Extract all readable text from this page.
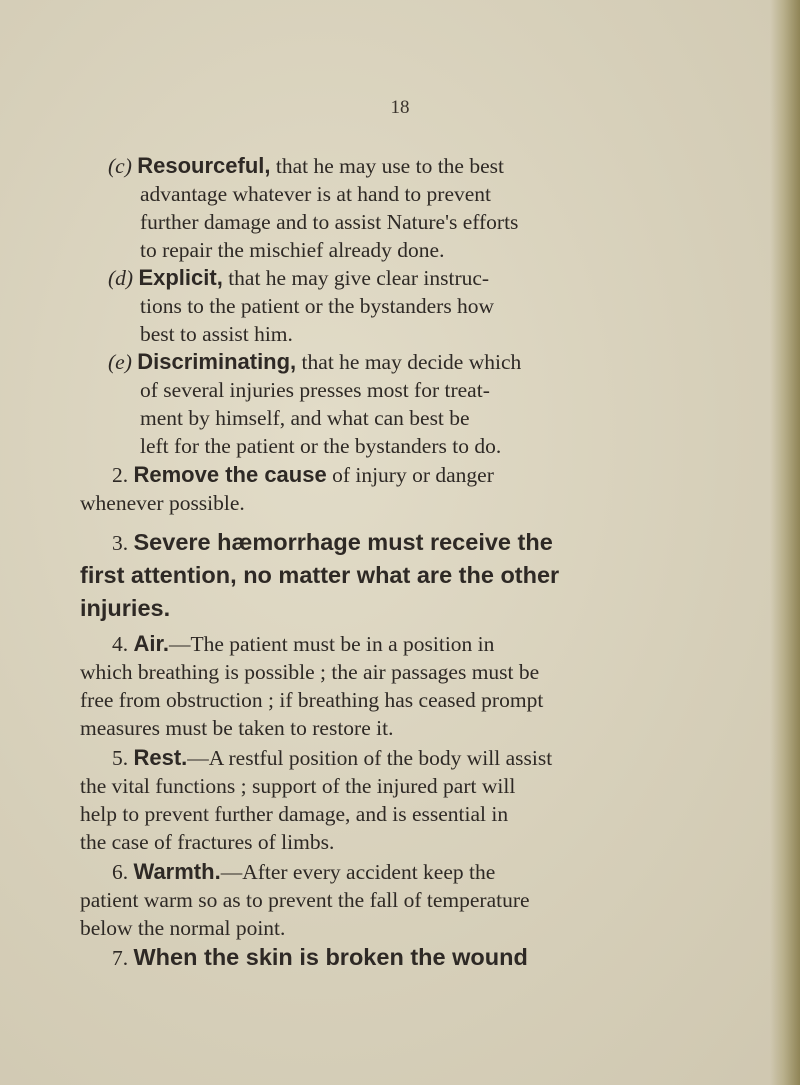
18
(c) Resourceful, that he may use to the best
advantage whatever is at hand to prevent
further damage and to assist Nature's efforts
to repair the mischief already done.
(d) Explicit, that he may give clear instruc-
tions to the patient or the bystanders how
best to assist him.
(e) Discriminating, that he may decide which
of several injuries presses most for treat-
ment by himself, and what can best be
left for the patient or the bystanders to do.
2. Remove the cause of injury or danger
whenever possible.
3. Severe hæmorrhage must receive the
first attention, no matter what are the other
injuries.
4. Air.—The patient must be in a position in
which breathing is possible ; the air passages must be
free from obstruction ; if breathing has ceased prompt
measures must be taken to restore it.
5. Rest.—A restful position of the body will assist
the vital functions ; support of the injured part will
help to prevent further damage, and is essential in
the case of fractures of limbs.
6. Warmth.—After every accident keep the
patient warm so as to prevent the fall of temperature
below the normal point.
7. When the skin is broken the wound
